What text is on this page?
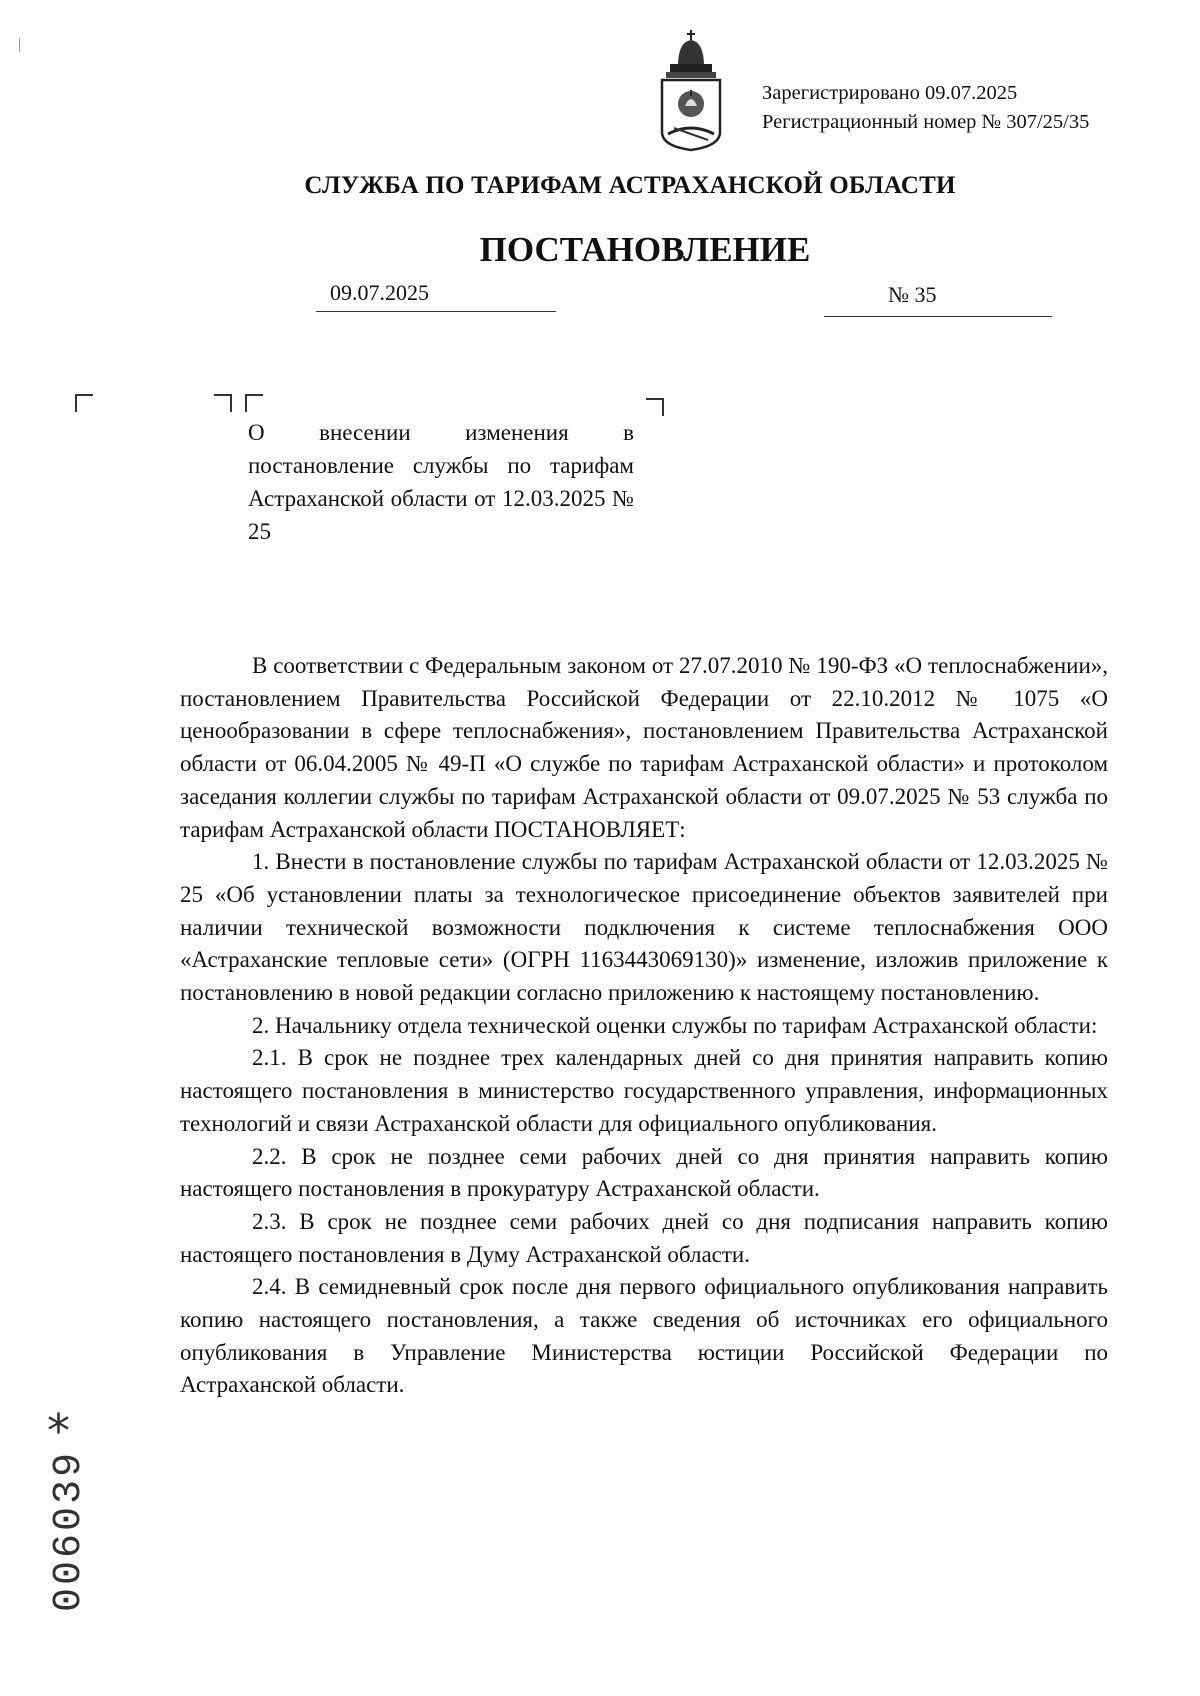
Зарегистрировано 09.07.2025
Регистрационный номер № 307/25/35
СЛУЖБА ПО ТАРИФАМ АСТРАХАНСКОЙ ОБЛАСТИ
ПОСТАНОВЛЕНИЕ
09.07.2025	№ 35
О внесении изменения в постановление службы по тарифам Астраханской области от 12.03.2025 № 25

В соответствии с Федеральным законом от 27.07.2010 № 190-ФЗ «О теплоснабжении», постановлением Правительства Российской Федерации от 22.10.2012 № 1075 «О ценообразовании в сфере теплоснабжения», постановлением Правительства Астраханской области от 06.04.2005 № 49-П «О службе по тарифам Астраханской области» и протоколом заседания коллегии службы по тарифам Астраханской области от 09.07.2025 № 53 служба по тарифам Астраханской области ПОСТАНОВЛЯЕТ:

1. Внести в постановление службы по тарифам Астраханской области от 12.03.2025 № 25 «Об установлении платы за технологическое присоединение объектов заявителей при наличии технической возможности подключения к системе теплоснабжения ООО «Астраханские тепловые сети» (ОГРН 1163443069130)» изменение, изложив приложение к постановлению в новой редакции согласно приложению к настоящему постановлению.

2. Начальнику отдела технической оценки службы по тарифам Астраханской области:

2.1. В срок не позднее трех календарных дней со дня принятия направить копию настоящего постановления в министерство государственного управления, информационных технологий и связи Астраханской области для официального опубликования.

2.2. В срок не позднее семи рабочих дней со дня принятия направить копию настоящего постановления в прокуратуру Астраханской области.

2.3. В срок не позднее семи рабочих дней со дня подписания направить копию настоящего постановления в Думу Астраханской области.

2.4. В семидневный срок после дня первого официального опубликования направить копию настоящего постановления, а также сведения об источниках его официального опубликования в Управление Министерства юстиции Российской Федерации по Астраханской области.

*
006039
